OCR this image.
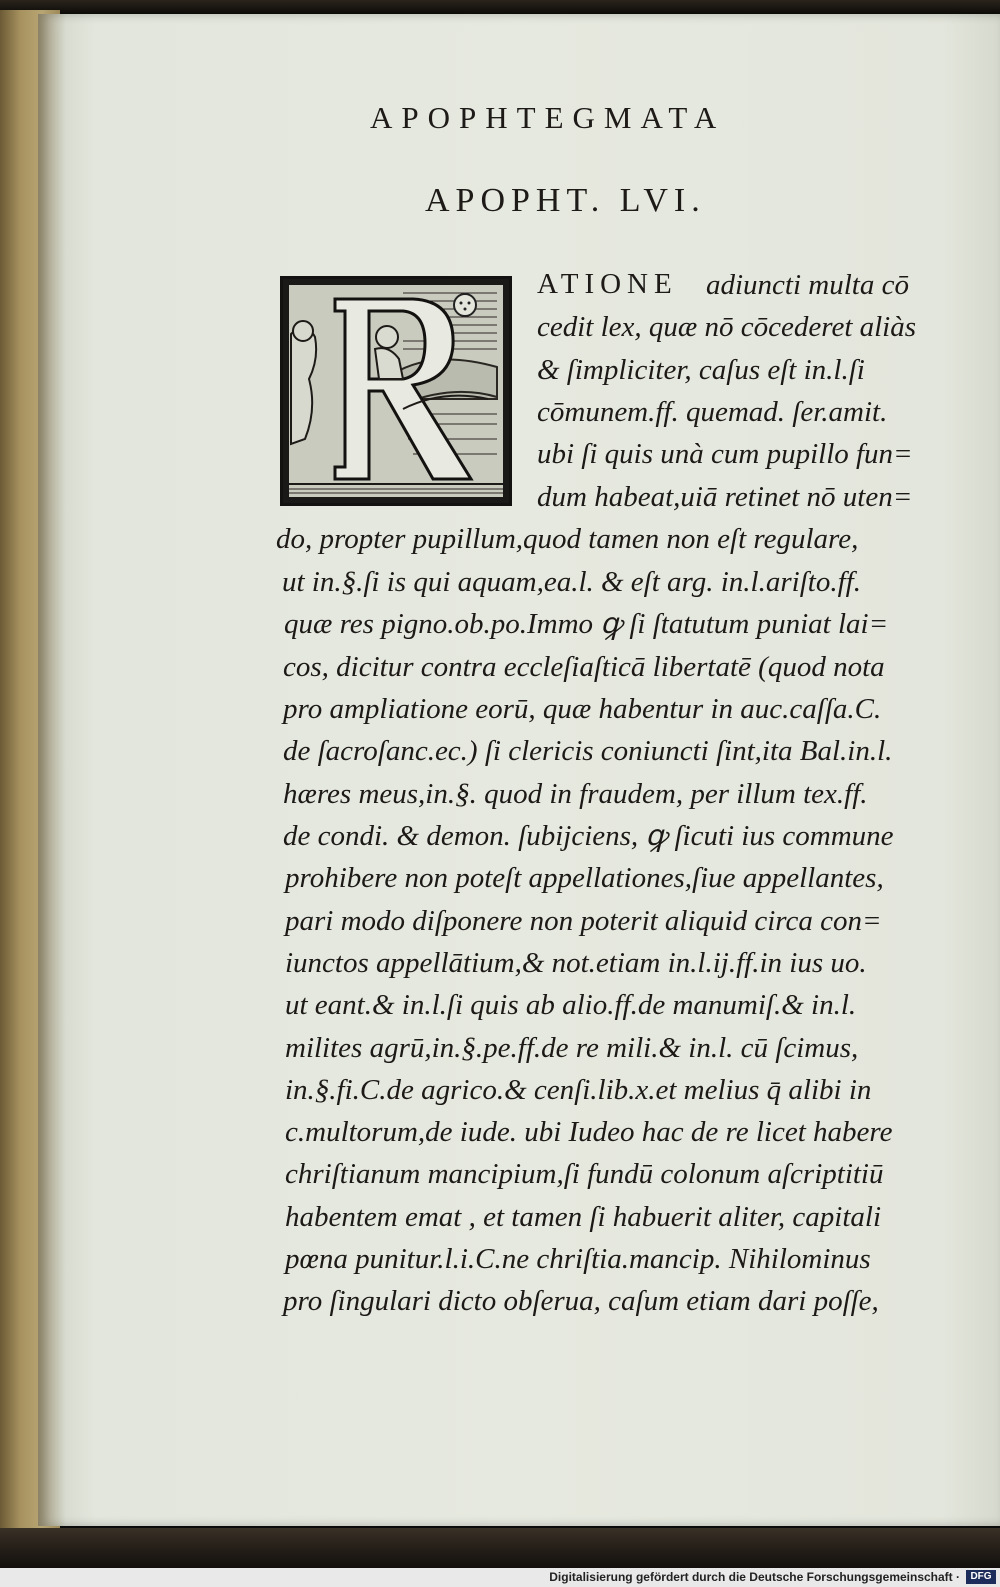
APOPHTEGMATA
APOPHT. LVI.
ATIONE adiuncti multa cō
cedit lex, quæ nō cōcederet aliàs
& ſimpliciter, caſus eſt in.l.ſi
cōmunem.ff. quemad. ſer.amit.
ubi ſi quis unà cum pupillo fun=
dum habeat,uiā retinet nō uten=
do, propter pupillum,quod tamen non eſt regulare,
ut in.§.ſi is qui aquam,ea.l. & eſt arg. in.l.ariſto.ff.
quæ res pigno.ob.po.Immo ꝙ ſi ſtatutum puniat lai=
cos, dicitur contra eccleſiaſticā libertatē (quod nota
pro ampliatione eorū, quæ habentur in auc.caſſa.C.
de ſacroſanc.ec.) ſi clericis coniuncti ſint,ita Bal.in.l.
hæres meus,in.§. quod in fraudem, per illum tex.ff.
de condi. & demon. ſubijciens, ꝙ ſicuti ius commune
prohibere non poteſt appellationes,ſiue appellantes,
pari modo diſponere non poterit aliquid circa con=
iunctos appellātium,& not.etiam in.l.ij.ff.in ius uo.
ut eant.& in.l.ſi quis ab alio.ff.de manumiſ.& in.l.
milites agrū,in.§.pe.ff.de re mili.& in.l. cū ſcimus,
in.§.fi.C.de agrico.& cenſi.lib.x.et melius q̄ alibi in
c.multorum,de iude. ubi Iudeo hac de re licet habere
chriſtianum mancipium,ſi fundū colonum aſcriptitiū
habentem emat , et tamen ſi habuerit aliter, capitali
pœna punitur.l.i.C.ne chriſtia.mancip. Nihilominus
pro ſingulari dicto obſerua, caſum etiam dari poſſe,
Digitalisierung gefördert durch die Deutsche Forschungsgemeinschaft ·	DFG
